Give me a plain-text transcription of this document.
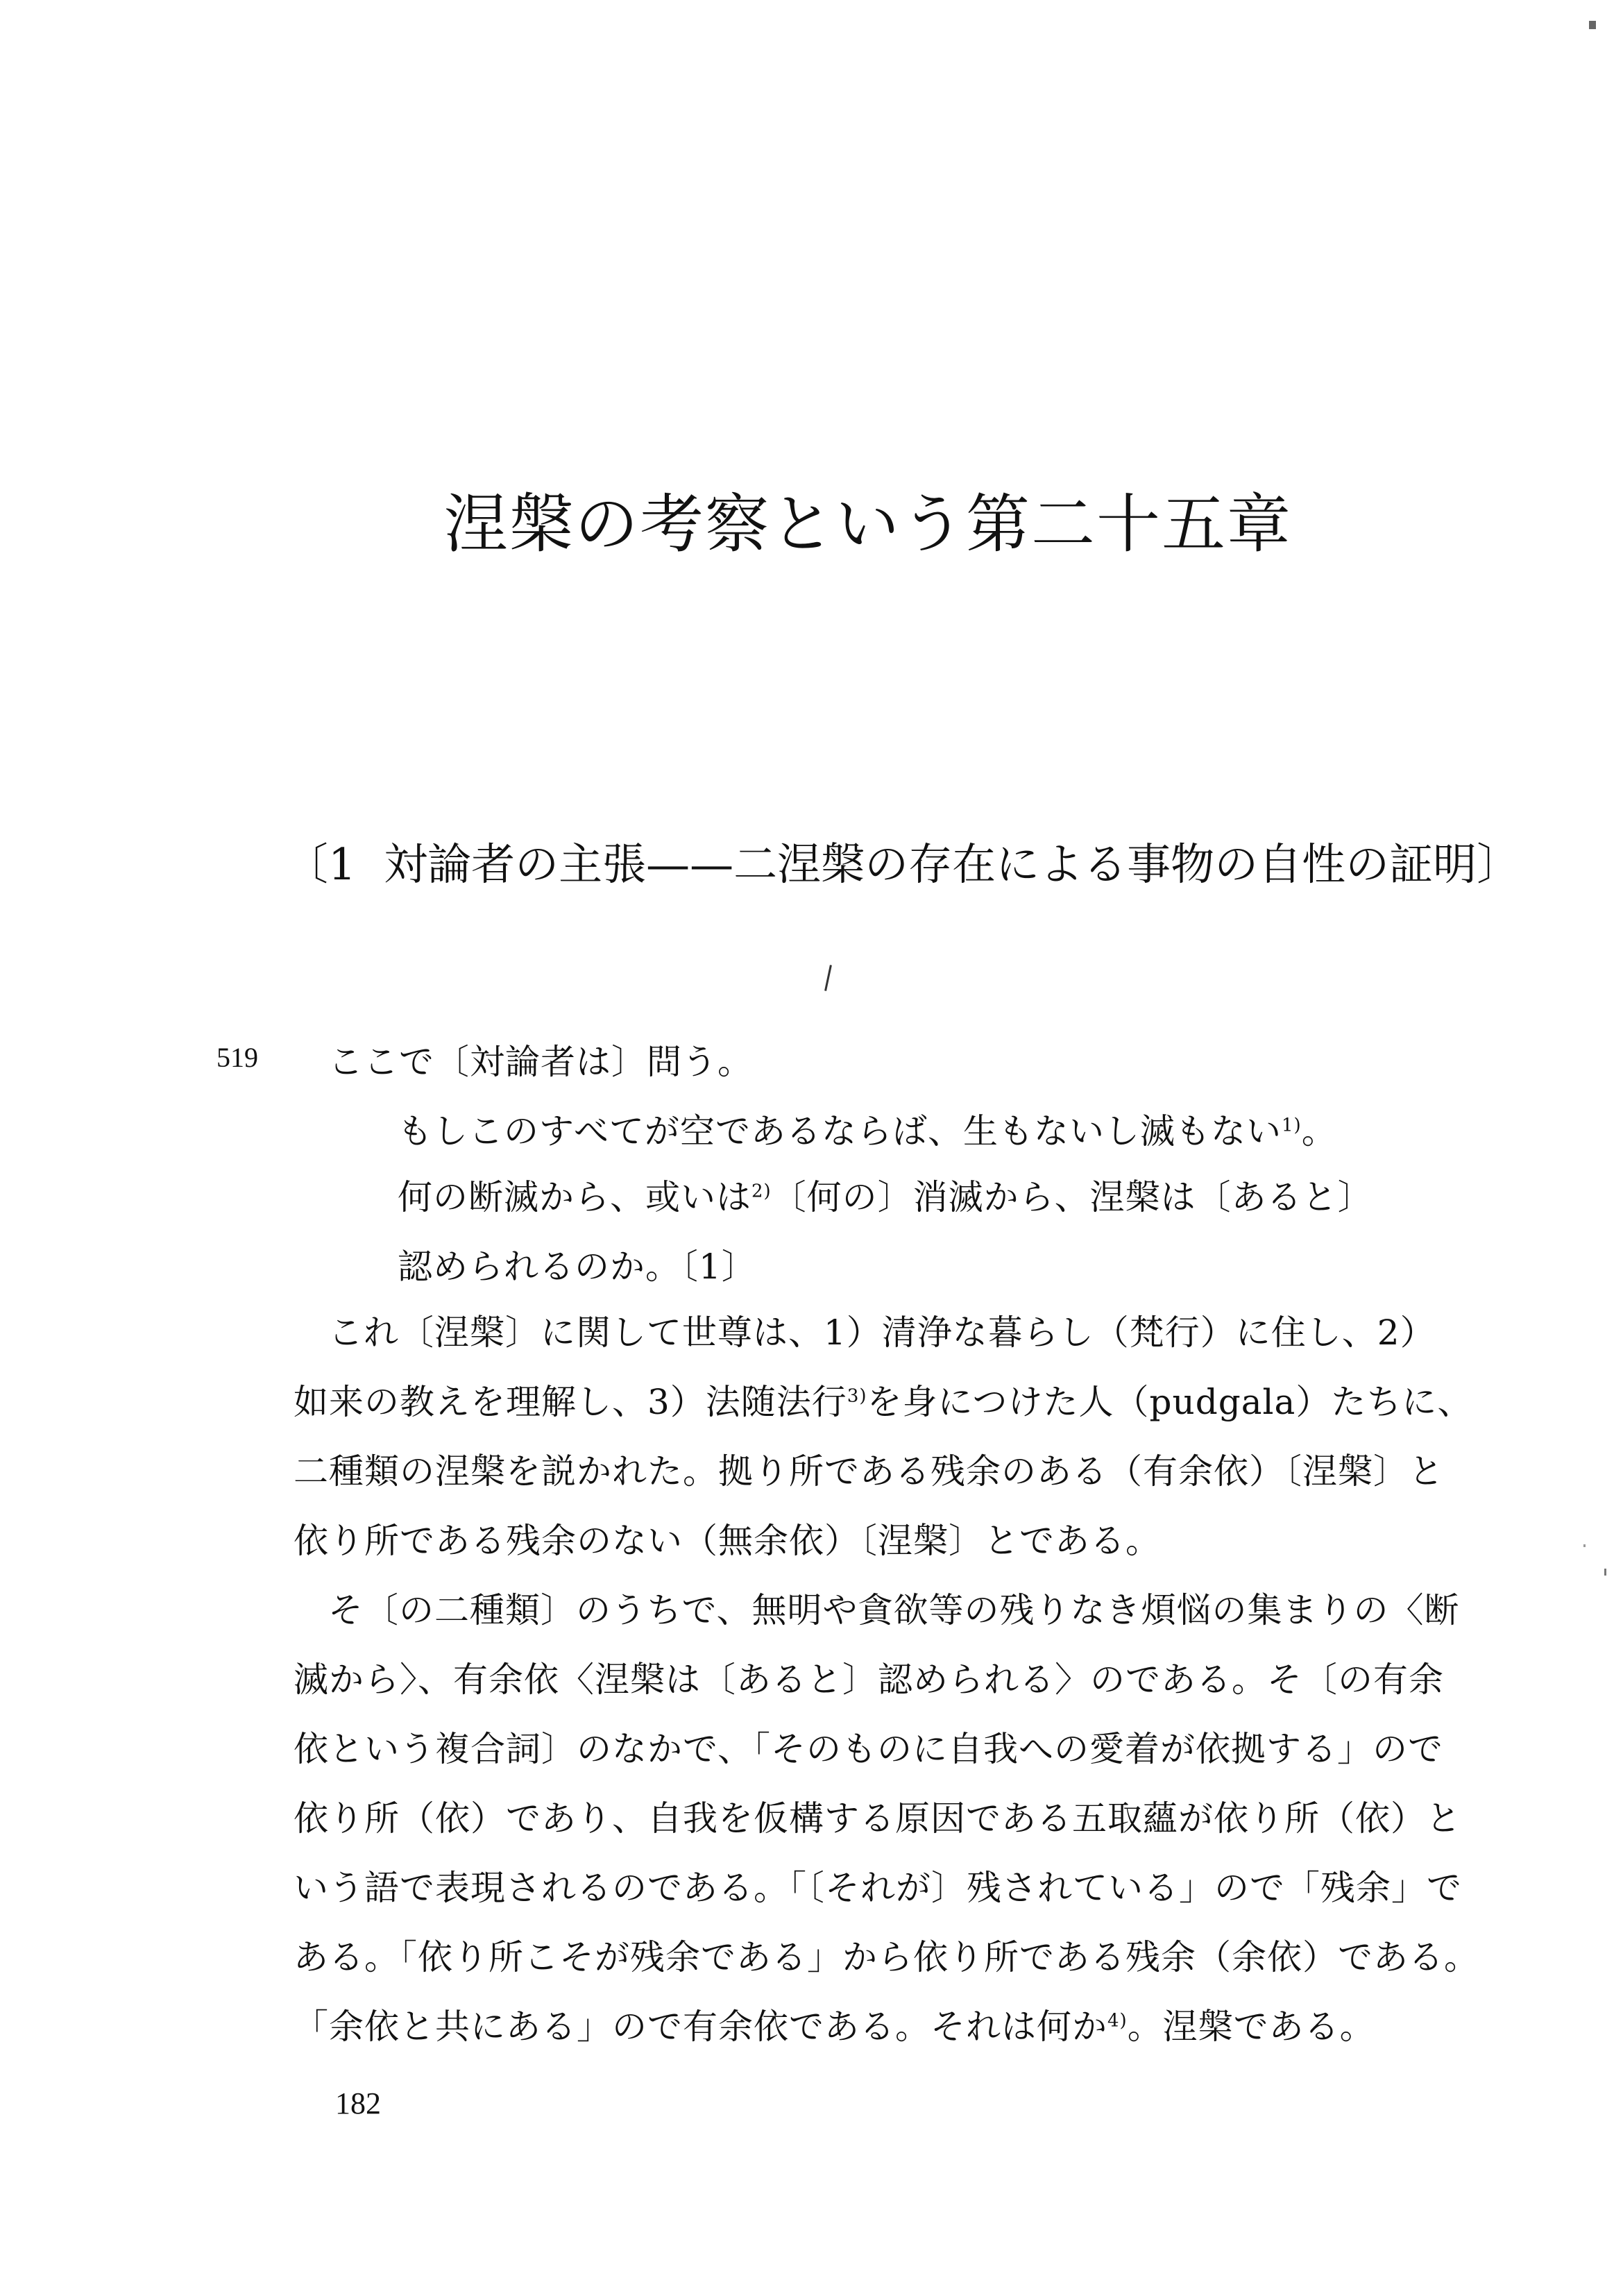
涅槃の考察という第二十五章
〔1 対論者の主張——二涅槃の存在による事物の自性の証明〕
519 ここで〔対論者は〕問う。
もしこのすべてが空であるならば、生もないし滅もない$^{1)}$。
何の断滅から、或いは$^{2)}$〔何の〕消滅から、涅槃は〔あると〕
認められるのか。〔1〕
これ〔涅槃〕に関して世尊は、1）清浄な暮らし（梵行）に住し、2）
如来の教えを理解し、3）法随法行$^{3)}$を身につけた人（pudgala）たちに、
二種類の涅槃を説かれた。拠り所である残余のある（有余依）〔涅槃〕と
依り所である残余のない（無余依）〔涅槃〕とである。
そ〔の二種類〕のうちで、無明や貪欲等の残りなき煩悩の集まりの〈断
滅から〉、有余依〈涅槃は〔あると〕認められる〉のである。そ〔の有余
依という複合詞〕のなかで、「そのものに自我への愛着が依拠する」ので
依り所（依）であり、自我を仮構する原因である五取蘊が依り所（依）と
いう語で表現されるのである。「〔それが〕残されている」ので「残余」で
ある。「依り所こそが残余である」から依り所である残余（余依）である。
「余依と共にある」ので有余依である。それは何か$^{4)}$。涅槃である。
182
